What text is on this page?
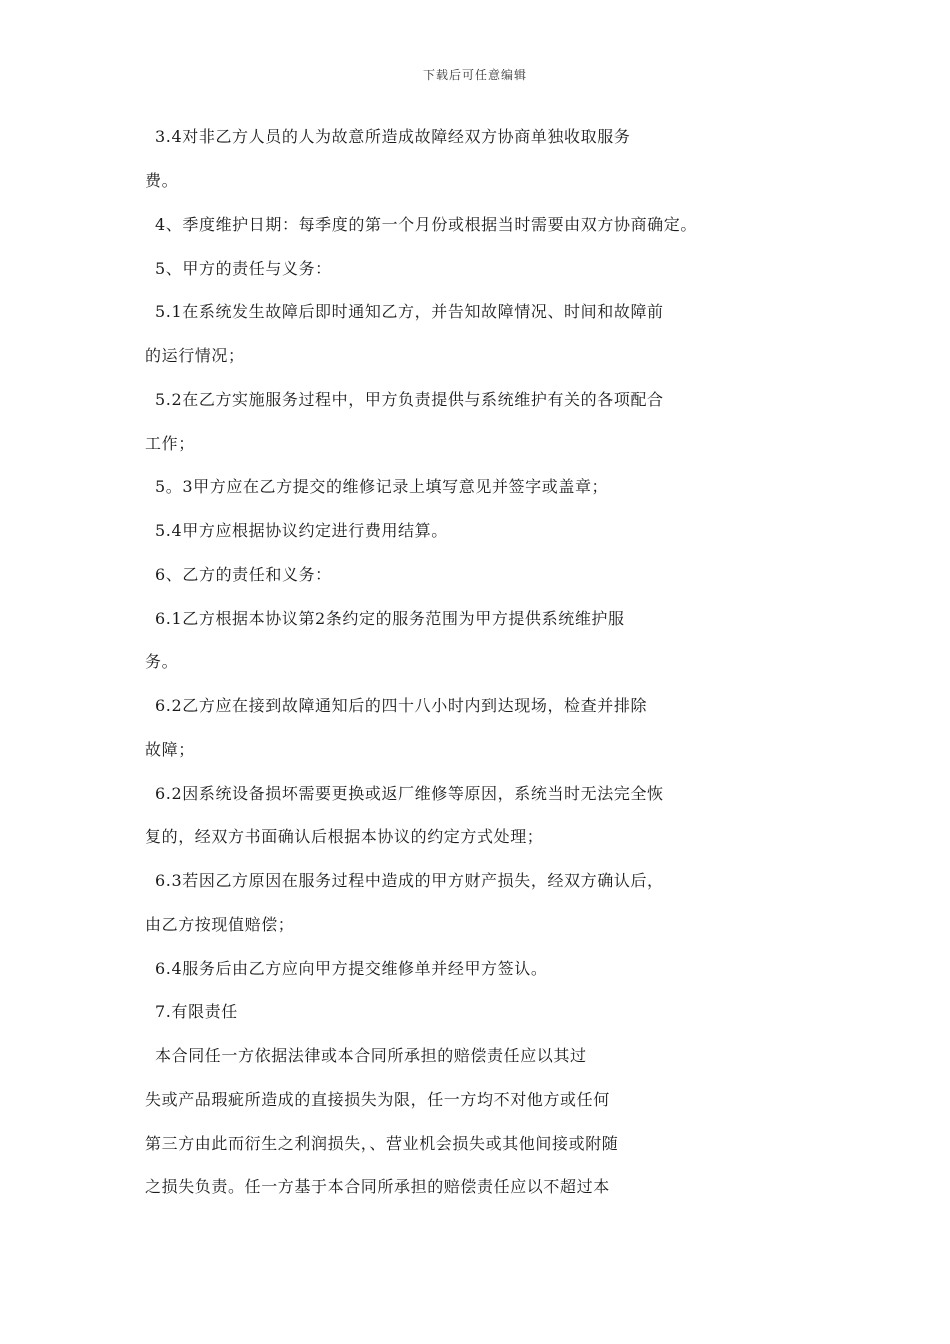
下载后可任意编辑
3.4对非乙方人员的人为故意所造成故障经双方协商单独收取服务
费。
4、季度维护日期：每季度的第一个月份或根据当时需要由双方协商确定。
5、甲方的责任与义务：
5.1在系统发生故障后即时通知乙方，并告知故障情况、时间和故障前
的运行情况；
5.2在乙方实施服务过程中，甲方负责提供与系统维护有关的各项配合
工作；
5。3甲方应在乙方提交的维修记录上填写意见并签字或盖章；
5.4甲方应根据协议约定进行费用结算。
6、乙方的责任和义务：
6.1乙方根据本协议第2条约定的服务范围为甲方提供系统维护服
务。
6.2乙方应在接到故障通知后的四十八小时内到达现场，检查并排除
故障；
6.2因系统设备损坏需要更换或返厂维修等原因，系统当时无法完全恢
复的，经双方书面确认后根据本协议的约定方式处理；
6.3若因乙方原因在服务过程中造成的甲方财产损失，经双方确认后，
由乙方按现值赔偿；
6.4服务后由乙方应向甲方提交维修单并经甲方签认。
7.有限责任
本合同任一方依据法律或本合同所承担的赔偿责任应以其过
失或产品瑕疵所造成的直接损失为限，任一方均不对他方或任何
第三方由此而衍生之利润损失，、营业机会损失或其他间接或附随
之损失负责。任一方基于本合同所承担的赔偿责任应以不超过本
